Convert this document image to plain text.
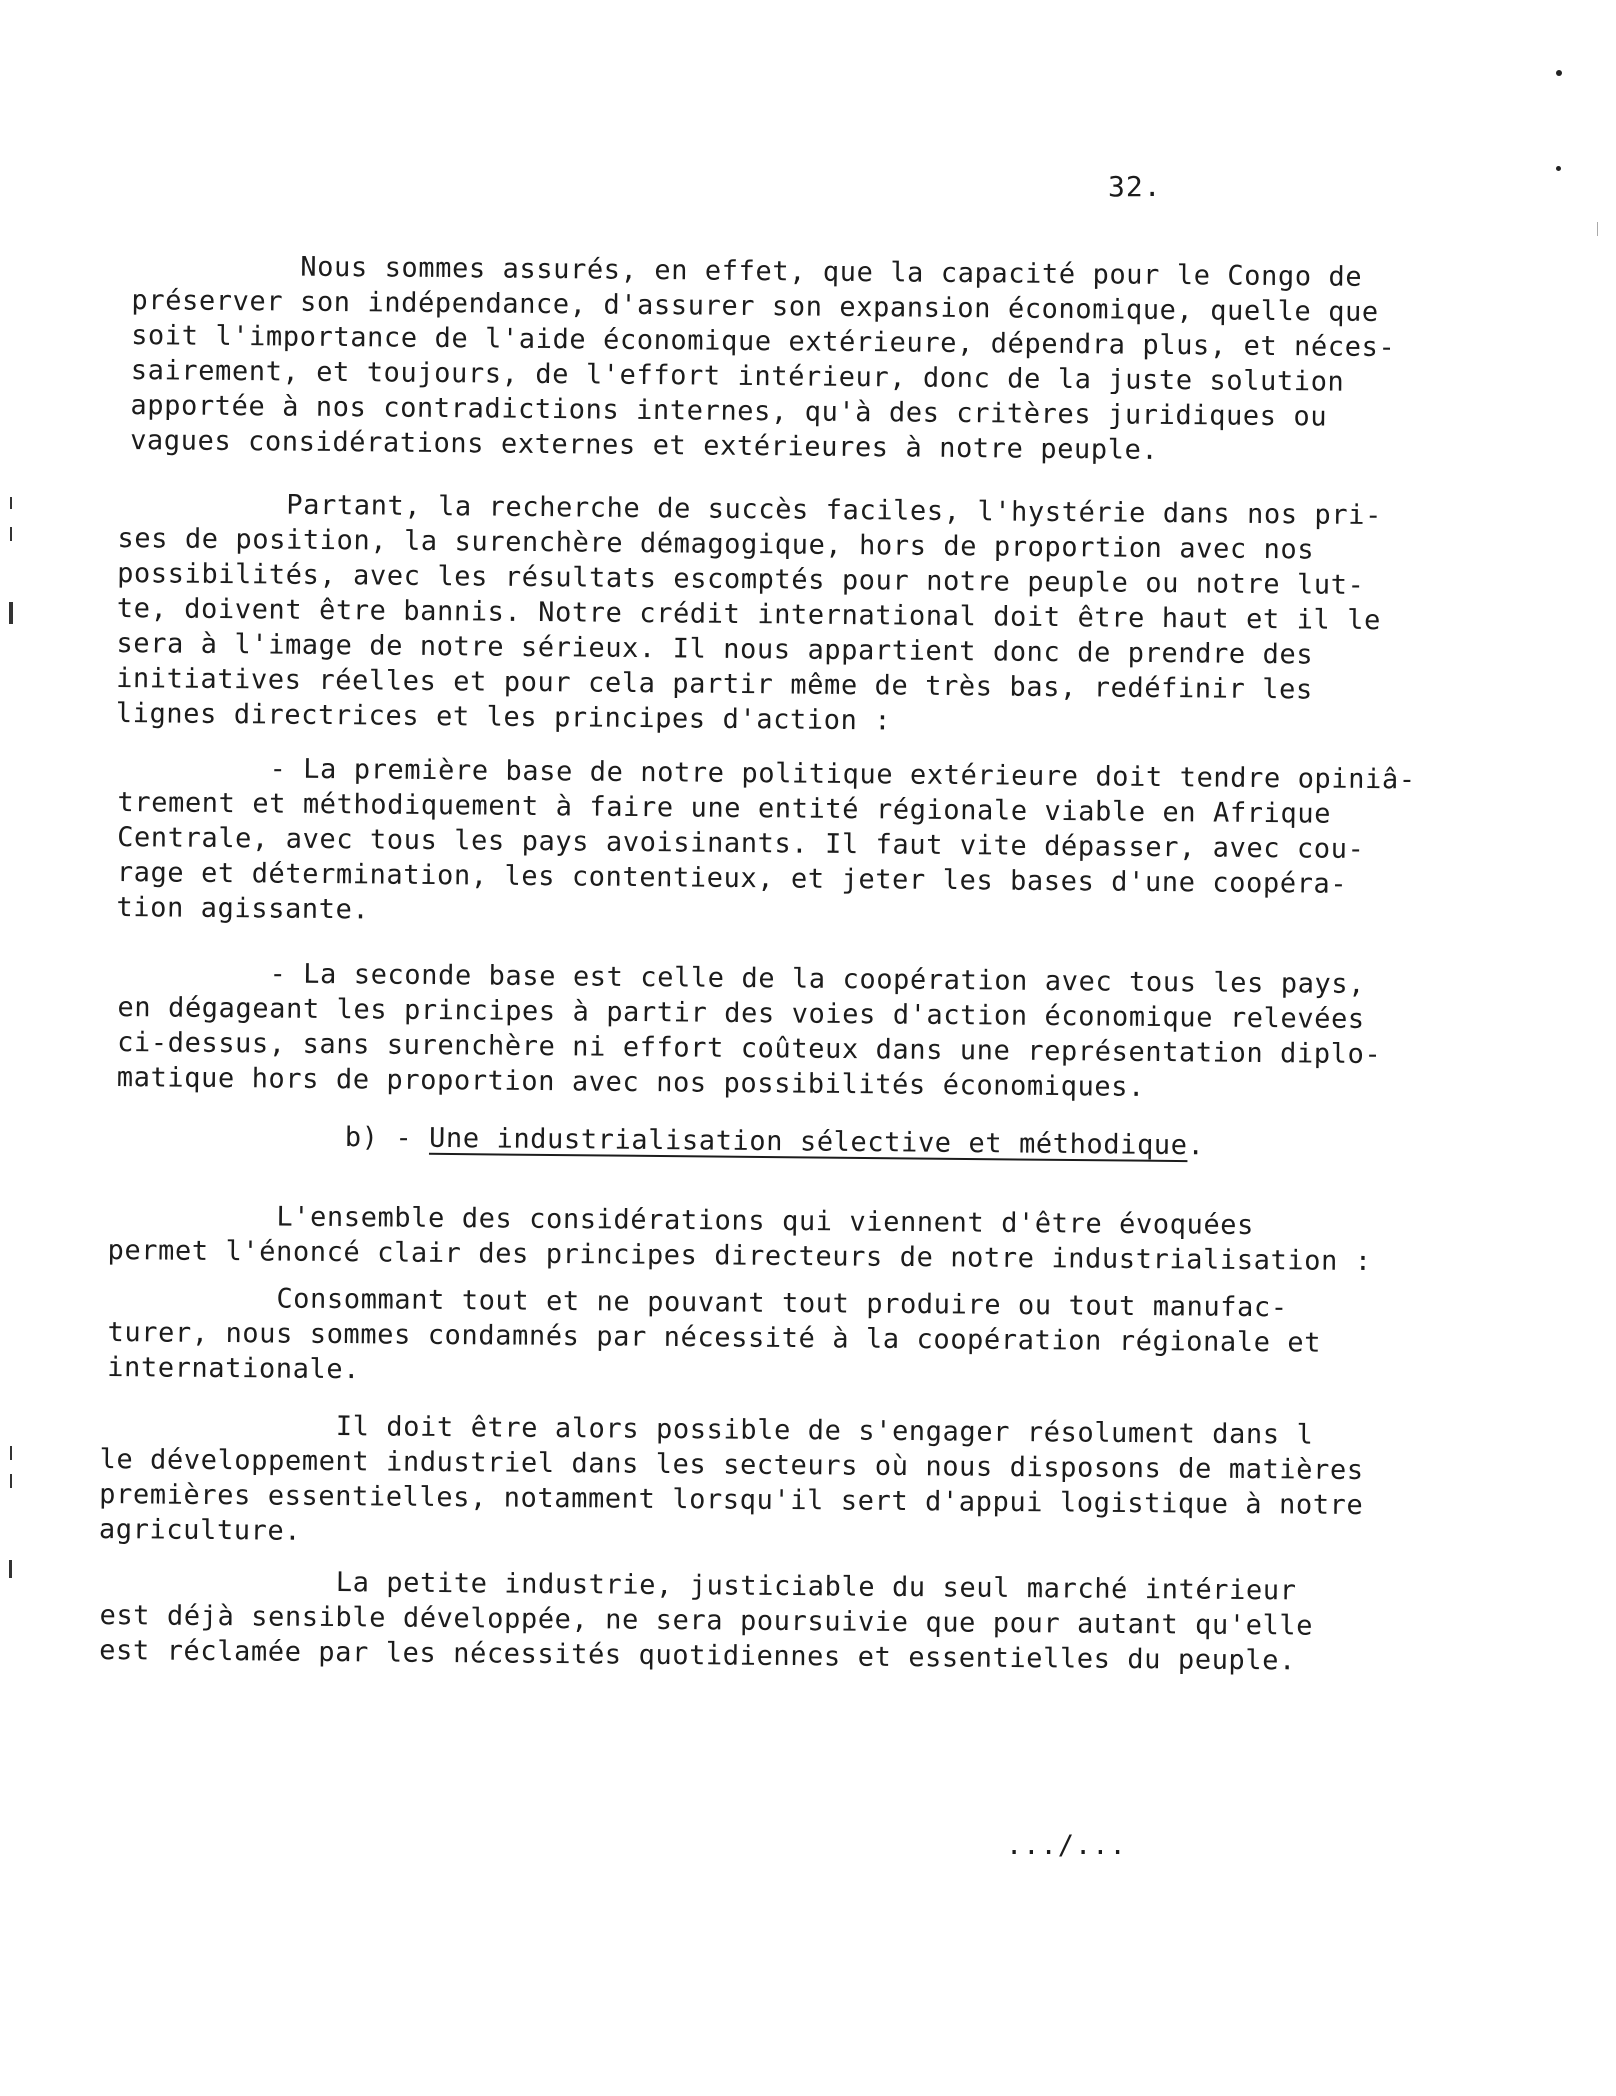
32.
Nous sommes assurés, en effet, que la capacité pour le Congo de
préserver son indépendance, d'assurer son expansion économique, quelle que
soit l'importance de l'aide économique extérieure, dépendra plus, et néces-
sairement, et toujours, de l'effort intérieur, donc de la juste solution
apportée à nos contradictions internes, qu'à des critères juridiques ou
vagues considérations externes et extérieures à notre peuple.
Partant, la recherche de succès faciles, l'hystérie dans nos pri-
ses de position, la surenchère démagogique, hors de proportion avec nos
possibilités, avec les résultats escomptés pour notre peuple ou notre lut-
te, doivent être bannis. Notre crédit international doit être haut et il le
sera à l'image de notre sérieux. Il nous appartient donc de prendre des
initiatives réelles et pour cela partir même de très bas, redéfinir les
lignes directrices et les principes d'action :
- La première base de notre politique extérieure doit tendre opiniâ-
trement et méthodiquement à faire une entité régionale viable en Afrique
Centrale, avec tous les pays avoisinants. Il faut vite dépasser, avec cou-
rage et détermination, les contentieux, et jeter les bases d'une coopéra-
tion agissante.
- La seconde base est celle de la coopération avec tous les pays,
en dégageant les principes à partir des voies d'action économique relevées
ci-dessus, sans surenchère ni effort coûteux dans une représentation diplo-
matique hors de proportion avec nos possibilités économiques.
b) - Une industrialisation sélective et méthodique.
L'ensemble des considérations qui viennent d'être évoquées
permet l'énoncé clair des principes directeurs de notre industrialisation :
Consommant tout et ne pouvant tout produire ou tout manufac-
turer, nous sommes condamnés par nécessité à la coopération régionale et
internationale.
Il doit être alors possible de s'engager résolument dans l
le développement industriel dans les secteurs où nous disposons de matières
premières essentielles, notamment lorsqu'il sert d'appui logistique à notre
agriculture.
La petite industrie, justiciable du seul marché intérieur
est déjà sensible développée, ne sera poursuivie que pour autant qu'elle
est réclamée par les nécessités quotidiennes et essentielles du peuple.
.../...
